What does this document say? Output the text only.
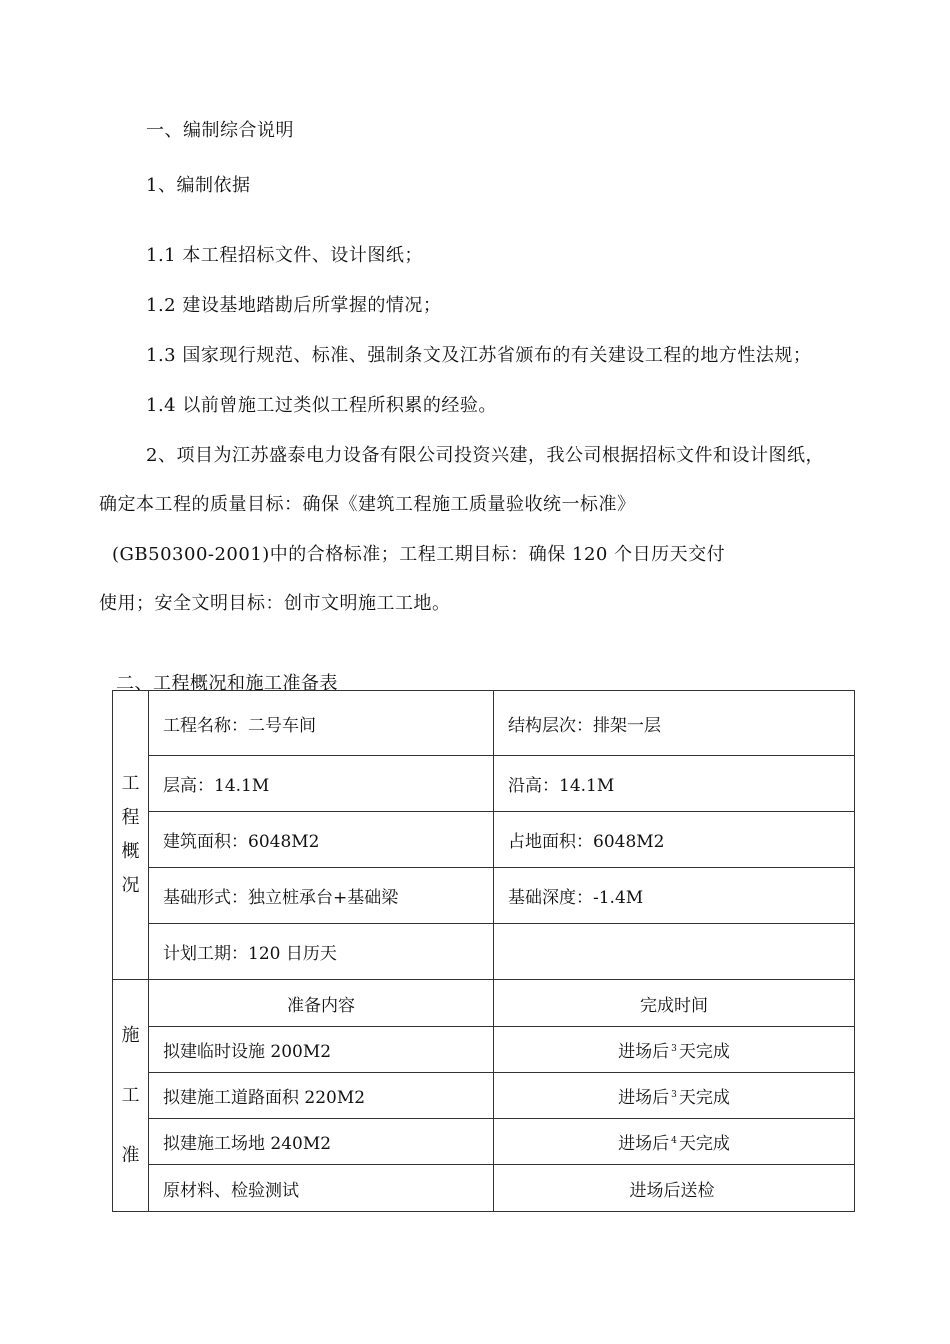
一、编制综合说明
1、编制依据
1.1 本工程招标文件、设计图纸；
1.2 建设基地踏勘后所掌握的情况；
1.3 国家现行规范、标准、强制条文及江苏省颁布的有关建设工程的地方性法规；
1.4 以前曾施工过类似工程所积累的经验。
2、项目为江苏盛泰电力设备有限公司投资兴建，我公司根据招标文件和设计图纸，
确定本工程的质量目标：确保《建筑工程施工质量验收统一标准》
(GB50300-2001)中的合格标准；工程工期目标：确保 120 个日历天交付
使用；安全文明目标：创市文明施工工地。
二、工程概况和施工准备表
工程概况	工程名称：二号车间	结构层次：排架一层
	层高：14.1M	沿高：14.1M
	建筑面积：6048M2	占地面积：6048M2
	基础形式：独立桩承台+基础梁	基础深度：-1.4M
	计划工期：120 日历天	
施工准	准备内容	完成时间
	拟建临时设施 200M2	进场后 $^3$ 天完成
	拟建施工道路面积 220M2	进场后 $^3$ 天完成
	拟建施工场地 240M2	进场后 $^4$ 天完成
	原材料、检验测试	进场后送检
